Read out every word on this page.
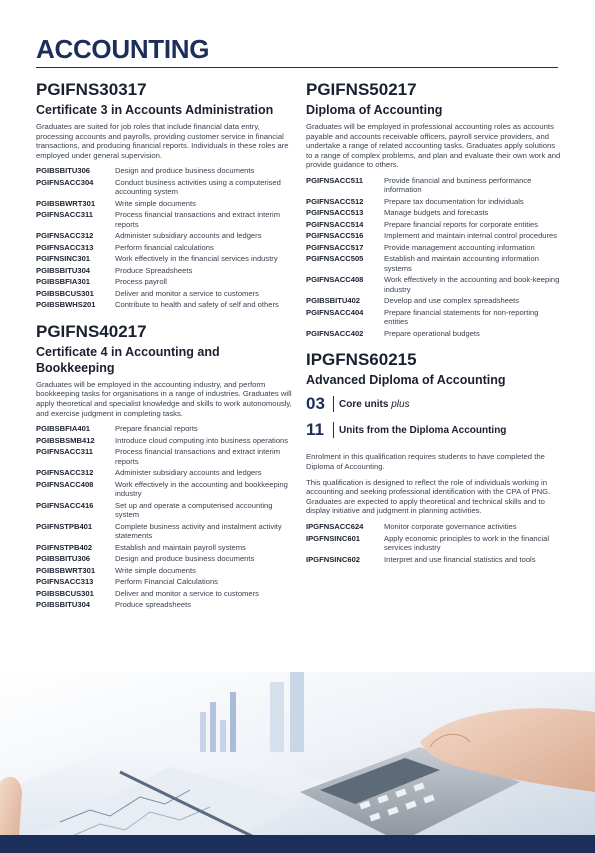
ACCOUNTING
PGIFNS30317
Certificate 3 in Accounts Administration

Graduates are suited for job roles that include financial data entry, processing accounts and payrolls, providing customer service in financial transactions, and producing financial reports. Individuals in these roles are employed under general supervision.

PGIBSBITU306	Design and produce business documents
PGIFNSACC304	Conduct business activities using a computerised accounting system
PGIBSBWRT301	Write simple documents
PGIFNSACC311	Process financial transactions and extract interim reports
PGIFNSACC312	Administer subsidiary accounts and ledgers
PGIFNSACC313	Perform financial calculations
PGIFNSINC301	Work effectively in the financial services industry
PGIBSBITU304	Produce Spreadsheets
PGIBSBFIA301	Process payroll
PGIBSBCUS301	Deliver and monitor a service to customers
PGIBSBWHS201	Contribute to health and safety of self and others
PGIFNS40217
Certificate 4 in Accounting and Bookkeeping

Graduates will be employed in the accounting industry, and perform bookkeeping tasks for organisations in a range of industries. Graduates will apply theoretical and specialist knowledge and skills to work autonomously, and exercise judgment in completing tasks.

PGIBSBFIA401	Prepare financial reports
PGIBSBSMB412	Introduce cloud computing into business operations
PGIFNSACC311	Process financial transactions and extract interim reports
PGIFNSACC312	Administer subsidiary accounts and ledgers
PGIFNSACC408	Work effectively in the accounting and bookkeeping industry
PGIFNSACC416	Set up and operate a computerised accounting system
PGIFNSTPB401	Complete business activity and instalment activity statements
PGIFNSTPB402	Establish and maintain payroll systems
PGIBSBITU306	Design and produce business documents
PGIBSBWRT301	Write simple documents
PGIFNSACC313	Perform Financial Calculations
PGIBSBCUS301	Deliver and monitor a service to customers
PGIBSBITU304	Produce spreadsheets
PGIFNS50217
Diploma of Accounting

Graduates will be employed in professional accounting roles as accounts payable and accounts receivable officers, payroll service providers, and undertake a range of related accounting tasks. Graduates apply solutions to a range of complex problems, and plan and evaluate their own work and provide guidance to others.

PGIFNSACC511	Provide financial and business performance information
PGIFNSACC512	Prepare tax documentation for individuals
PGIFNSACC513	Manage budgets and forecasts
PGIFNSACC514	Prepare financial reports for corporate entities
PGIFNSACC516	Implement and maintain internal control procedures
PGIFNSACC517	Provide management accounting information
PGIFNSACC505	Establish and maintain accounting information systems
PGIFNSACC408	Work effectively in the accounting and book-keeping industry
PGIBSBITU402	Develop and use complex spreadsheets
PGIFNSACC404	Prepare financial statements for non-reporting entities
PGIFNSACC402	Prepare operational budgets
IPGFNS60215
Advanced Diploma of Accounting
03	Core units plus
11	Units from the Diploma Accounting

Enrolment in this qualification requires students to have completed the Diploma of Accounting.

This qualification is designed to reflect the role of individuals working in accounting and seeking professional identification with the CPA of PNG. Graduates are expected to apply theoretical and technical skills and to display initiative and judgment in planning activities.

IPGFNSACC624	Monitor corporate governance activities
IPGFNSINC601	Apply economic principles to work in the financial services industry
IPGFNSINC602	Interpret and use financial statistics and tools
3
